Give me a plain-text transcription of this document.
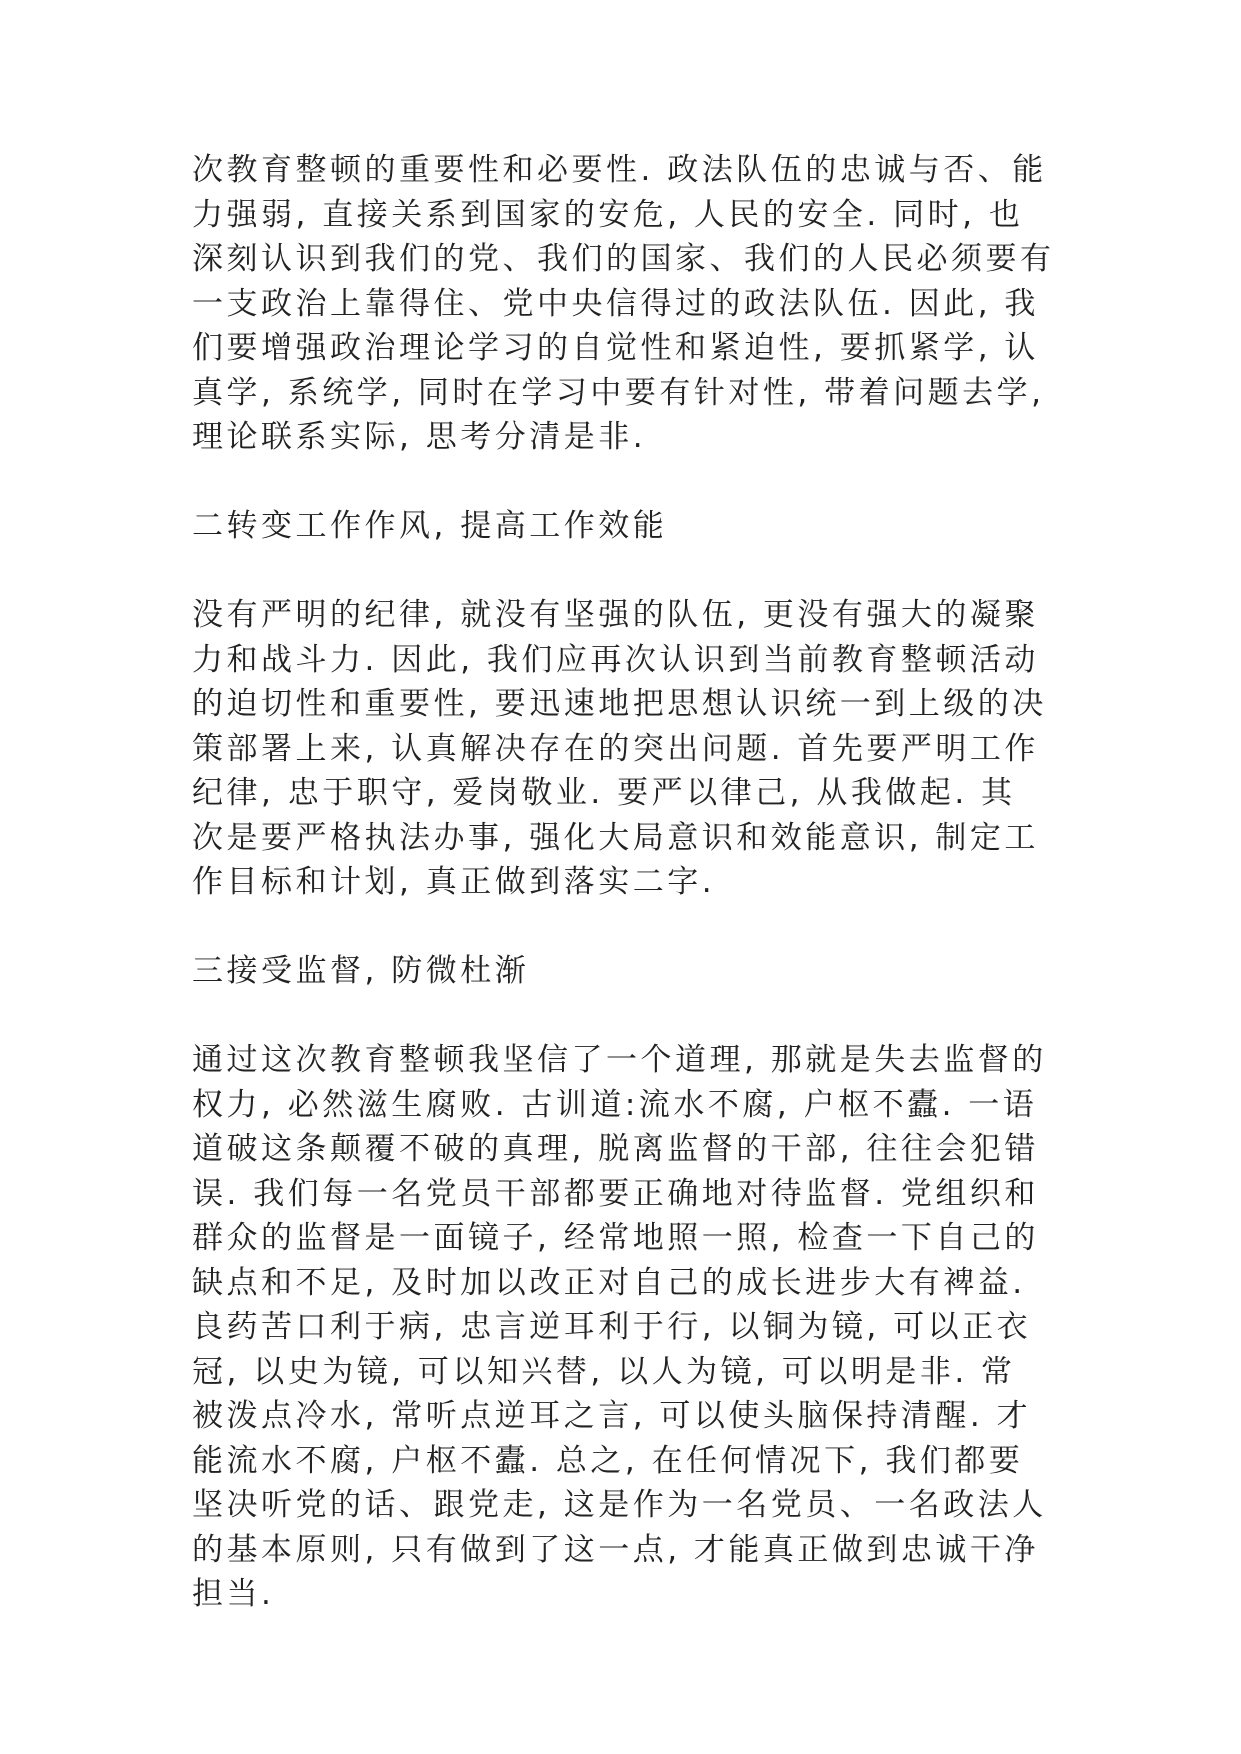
次教育整顿的重要性和必要性. 政法队伍的忠诚与否、能
力强弱, 直接关系到国家的安危, 人民的安全. 同时, 也
深刻认识到我们的党、我们的国家、我们的人民必须要有
一支政治上靠得住、党中央信得过的政法队伍. 因此, 我
们要增强政治理论学习的自觉性和紧迫性, 要抓紧学, 认
真学, 系统学, 同时在学习中要有针对性, 带着问题去学,
理论联系实际, 思考分清是非.
二转变工作作风, 提高工作效能
没有严明的纪律, 就没有坚强的队伍, 更没有强大的凝聚
力和战斗力. 因此, 我们应再次认识到当前教育整顿活动
的迫切性和重要性, 要迅速地把思想认识统一到上级的决
策部署上来, 认真解决存在的突出问题. 首先要严明工作
纪律, 忠于职守, 爱岗敬业. 要严以律己, 从我做起. 其
次是要严格执法办事, 强化大局意识和效能意识, 制定工
作目标和计划, 真正做到落实二字.
三接受监督, 防微杜渐
通过这次教育整顿我坚信了一个道理, 那就是失去监督的
权力, 必然滋生腐败. 古训道:流水不腐, 户枢不蠹. 一语
道破这条颠覆不破的真理, 脱离监督的干部, 往往会犯错
误. 我们每一名党员干部都要正确地对待监督. 党组织和
群众的监督是一面镜子, 经常地照一照, 检查一下自己的
缺点和不足, 及时加以改正对自己的成长进步大有裨益.
良药苦口利于病, 忠言逆耳利于行, 以铜为镜, 可以正衣
冠, 以史为镜, 可以知兴替, 以人为镜, 可以明是非. 常
被泼点冷水, 常听点逆耳之言, 可以使头脑保持清醒. 才
能流水不腐, 户枢不蠹. 总之, 在任何情况下, 我们都要
坚决听党的话、跟党走, 这是作为一名党员、一名政法人
的基本原则, 只有做到了这一点, 才能真正做到忠诚干净
担当.
